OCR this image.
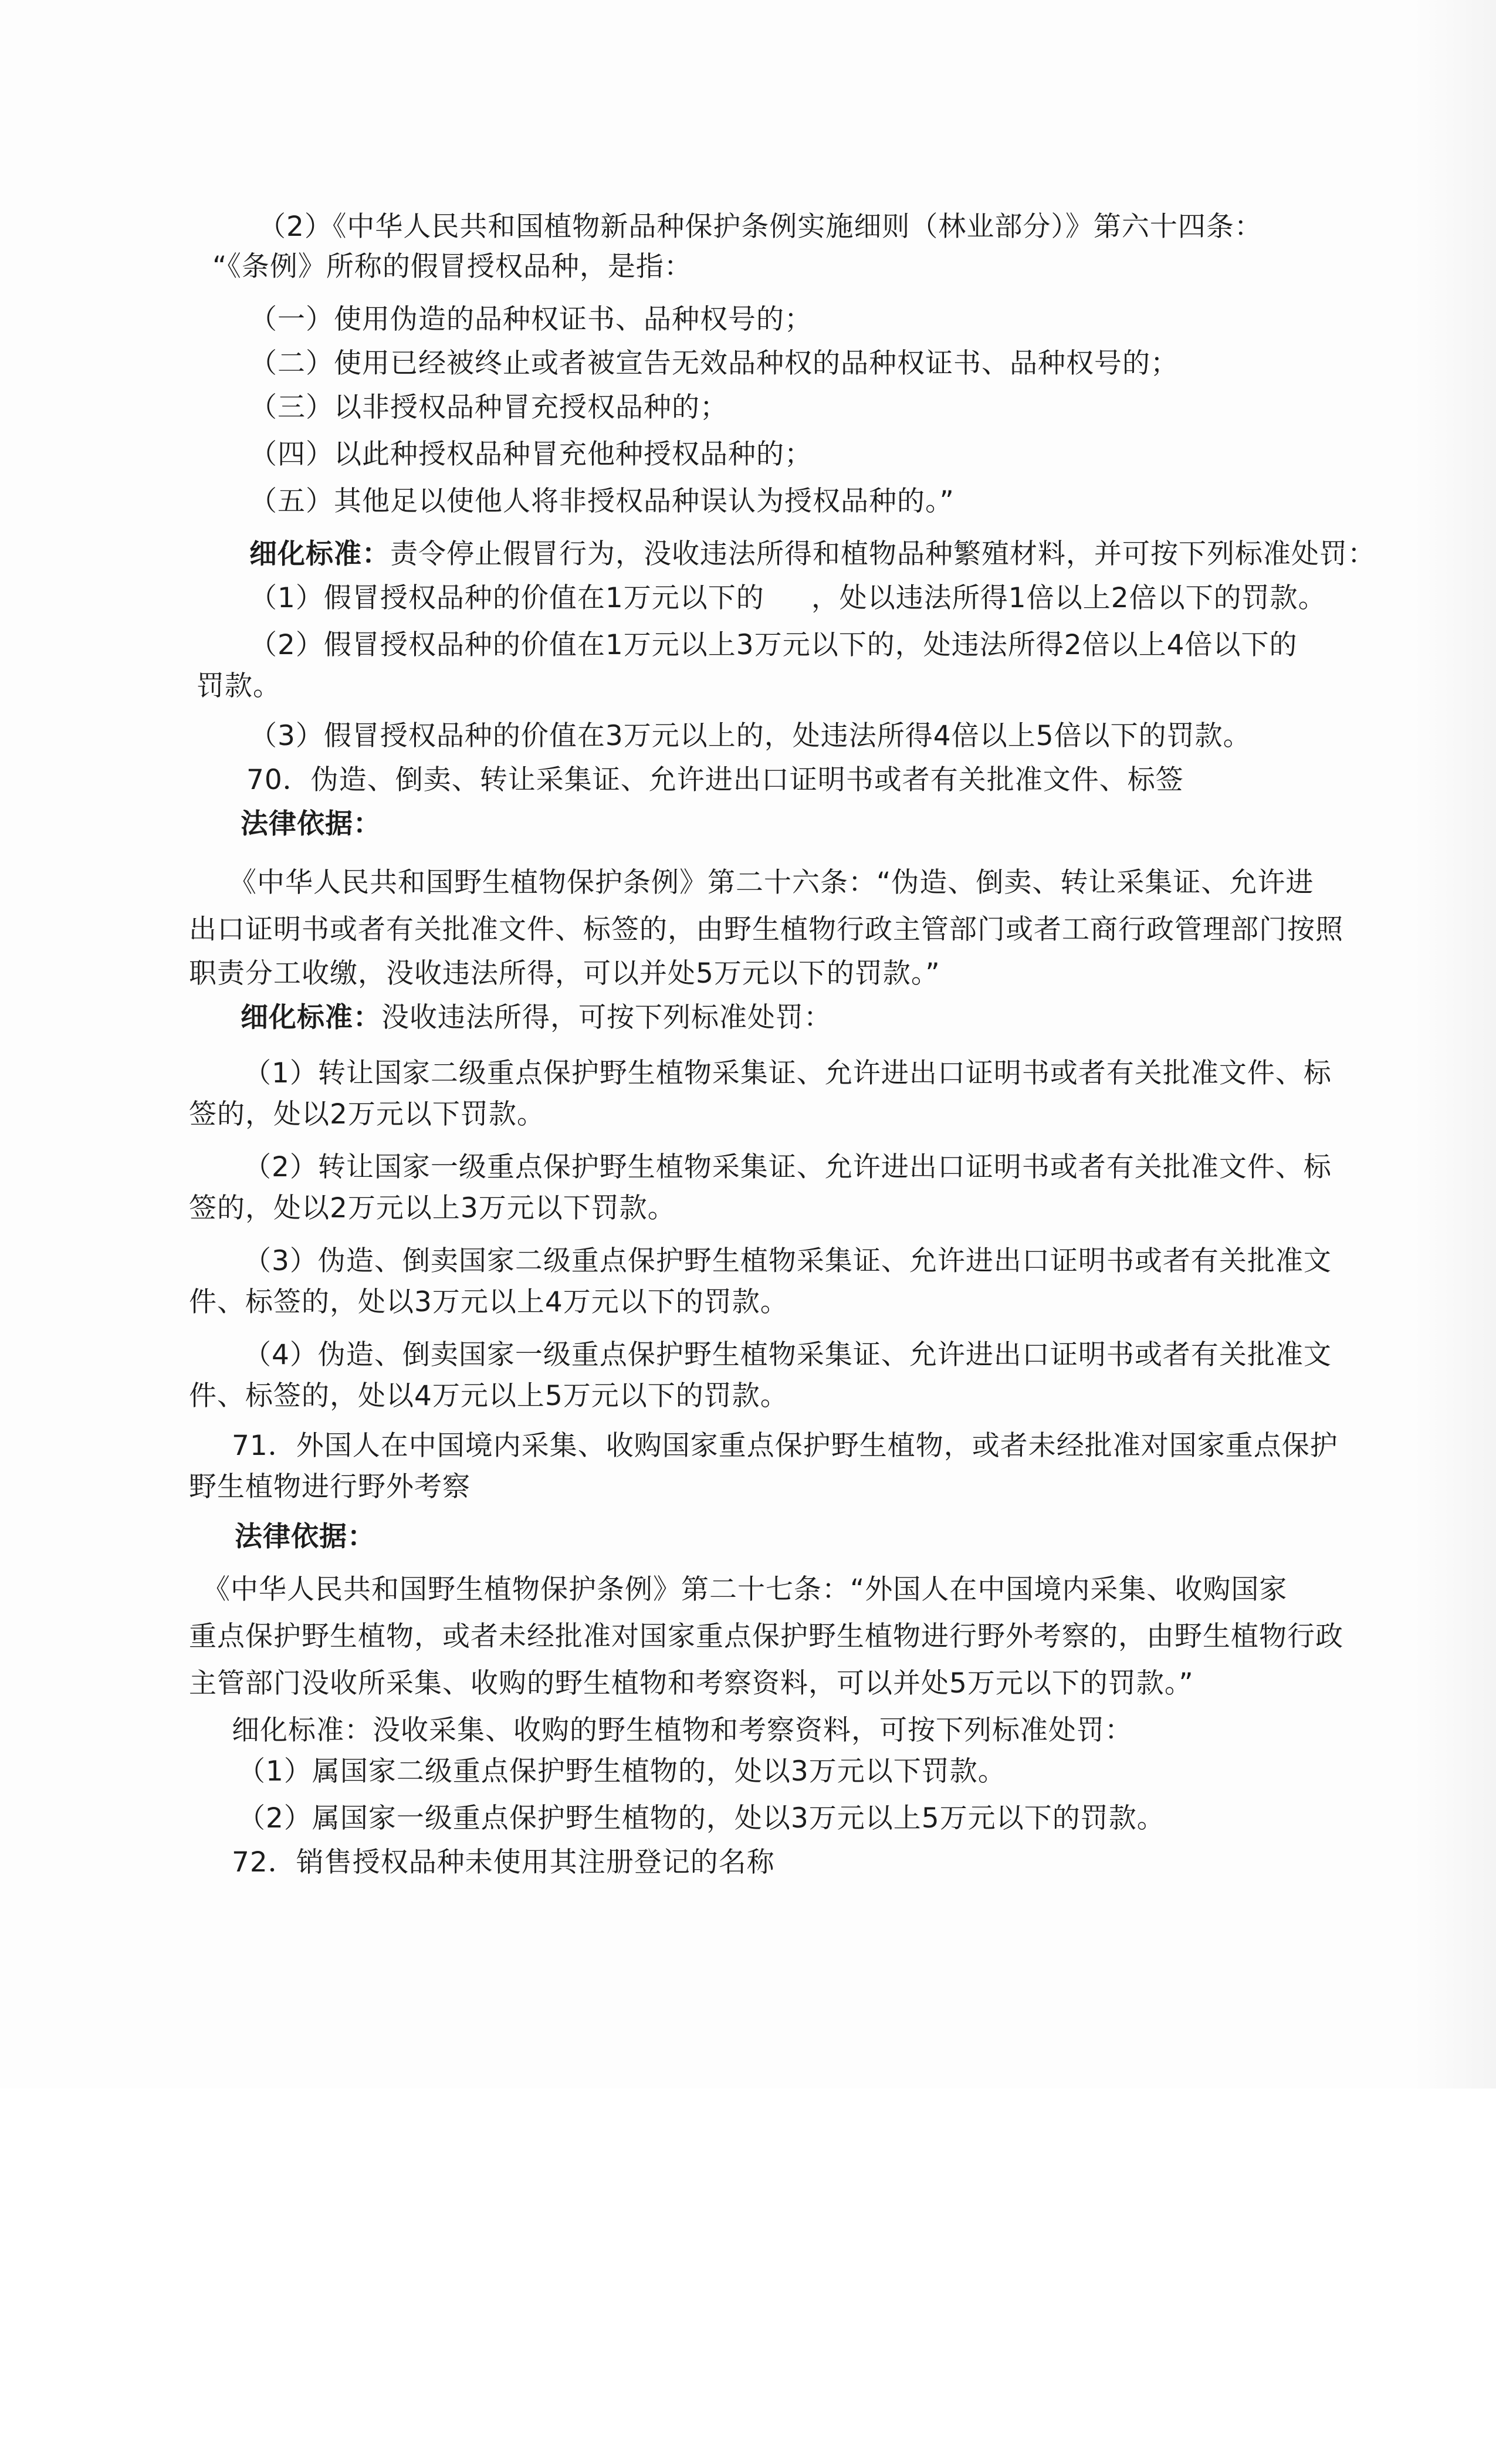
（2）《中华人民共和国植物新品种保护条例实施细则（林业部分）》第六十四条：
“《条例》所称的假冒授权品种，是指：
（一）使用伪造的品种权证书、品种权号的；
（二）使用已经被终止或者被宣告无效品种权的品种权证书、品种权号的；
（三）以非授权品种冒充授权品种的；
（四）以此种授权品种冒充他种授权品种的；
（五）其他足以使他人将非授权品种误认为授权品种的。”
细化标准：责令停止假冒行为，没收违法所得和植物品种繁殖材料，并可按下列标准处罚：
（1）假冒授权品种的价值在1万元以下的 ，处以违法所得1倍以上2倍以下的罚款。
（2）假冒授权品种的价值在1万元以上3万元以下的，处违法所得2倍以上4倍以下的
罚款。
（3）假冒授权品种的价值在3万元以上的，处违法所得4倍以上5倍以下的罚款。
70．伪造、倒卖、转让采集证、允许进出口证明书或者有关批准文件、标签
法律依据：
《中华人民共和国野生植物保护条例》第二十六条：“伪造、倒卖、转让采集证、允许进
出口证明书或者有关批准文件、标签的，由野生植物行政主管部门或者工商行政管理部门按照
职责分工收缴，没收违法所得，可以并处5万元以下的罚款。”
细化标准：没收违法所得，可按下列标准处罚：
（1）转让国家二级重点保护野生植物采集证、允许进出口证明书或者有关批准文件、标
签的，处以2万元以下罚款。
（2）转让国家一级重点保护野生植物采集证、允许进出口证明书或者有关批准文件、标
签的，处以2万元以上3万元以下罚款。
（3）伪造、倒卖国家二级重点保护野生植物采集证、允许进出口证明书或者有关批准文
件、标签的，处以3万元以上4万元以下的罚款。
（4）伪造、倒卖国家一级重点保护野生植物采集证、允许进出口证明书或者有关批准文
件、标签的，处以4万元以上5万元以下的罚款。
71．外国人在中国境内采集、收购国家重点保护野生植物，或者未经批准对国家重点保护
野生植物进行野外考察
法律依据：
《中华人民共和国野生植物保护条例》第二十七条：“外国人在中国境内采集、收购国家
重点保护野生植物，或者未经批准对国家重点保护野生植物进行野外考察的，由野生植物行政
主管部门没收所采集、收购的野生植物和考察资料，可以并处5万元以下的罚款。”
细化标准：没收采集、收购的野生植物和考察资料，可按下列标准处罚：
（1）属国家二级重点保护野生植物的，处以3万元以下罚款。
（2）属国家一级重点保护野生植物的，处以3万元以上5万元以下的罚款。
72．销售授权品种未使用其注册登记的名称
